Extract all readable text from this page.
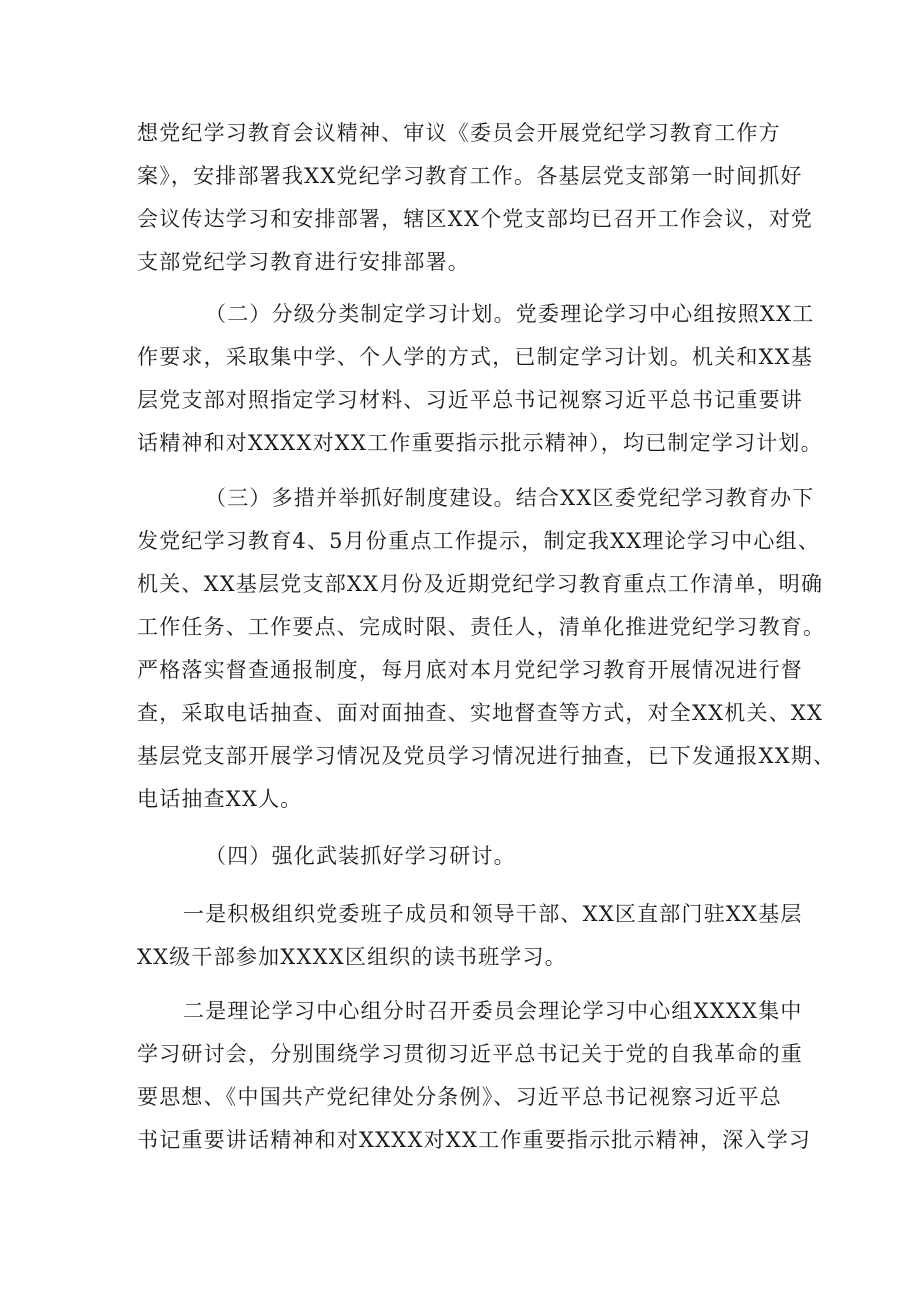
想党纪学习教育会议精神、审议《委员会开展党纪学习教育工作方
案》，安排部署我XX党纪学习教育工作。各基层党支部第一时间抓好
会议传达学习和安排部署，辖区XX个党支部均已召开工作会议，对党
支部党纪学习教育进行安排部署。
（二）分级分类制定学习计划。党委理论学习中心组按照XX工
作要求，采取集中学、个人学的方式，已制定学习计划。机关和XX基
层党支部对照指定学习材料、习近平总书记视察习近平总书记重要讲
话精神和对XXXX对XX工作重要指示批示精神），均已制定学习计划。
（三）多措并举抓好制度建设。结合XX区委党纪学习教育办下
发党纪学习教育4、5月份重点工作提示，制定我XX理论学习中心组、
机关、XX基层党支部XX月份及近期党纪学习教育重点工作清单，明确
工作任务、工作要点、完成时限、责任人，清单化推进党纪学习教育。
严格落实督查通报制度，每月底对本月党纪学习教育开展情况进行督
查，采取电话抽查、面对面抽查、实地督查等方式，对全XX机关、XX
基层党支部开展学习情况及党员学习情况进行抽查，已下发通报XX期、
电话抽查XX人。
（四）强化武装抓好学习研讨。
一是积极组织党委班子成员和领导干部、XX区直部门驻XX基层
XX级干部参加XXXX区组织的读书班学习。
二是理论学习中心组分时召开委员会理论学习中心组XXXX集中
学习研讨会，分别围绕学习贯彻习近平总书记关于党的自我革命的重
要思想、《中国共产党纪律处分条例》、习近平总书记视察习近平总
书记重要讲话精神和对XXXX对XX工作重要指示批示精神，深入学习
